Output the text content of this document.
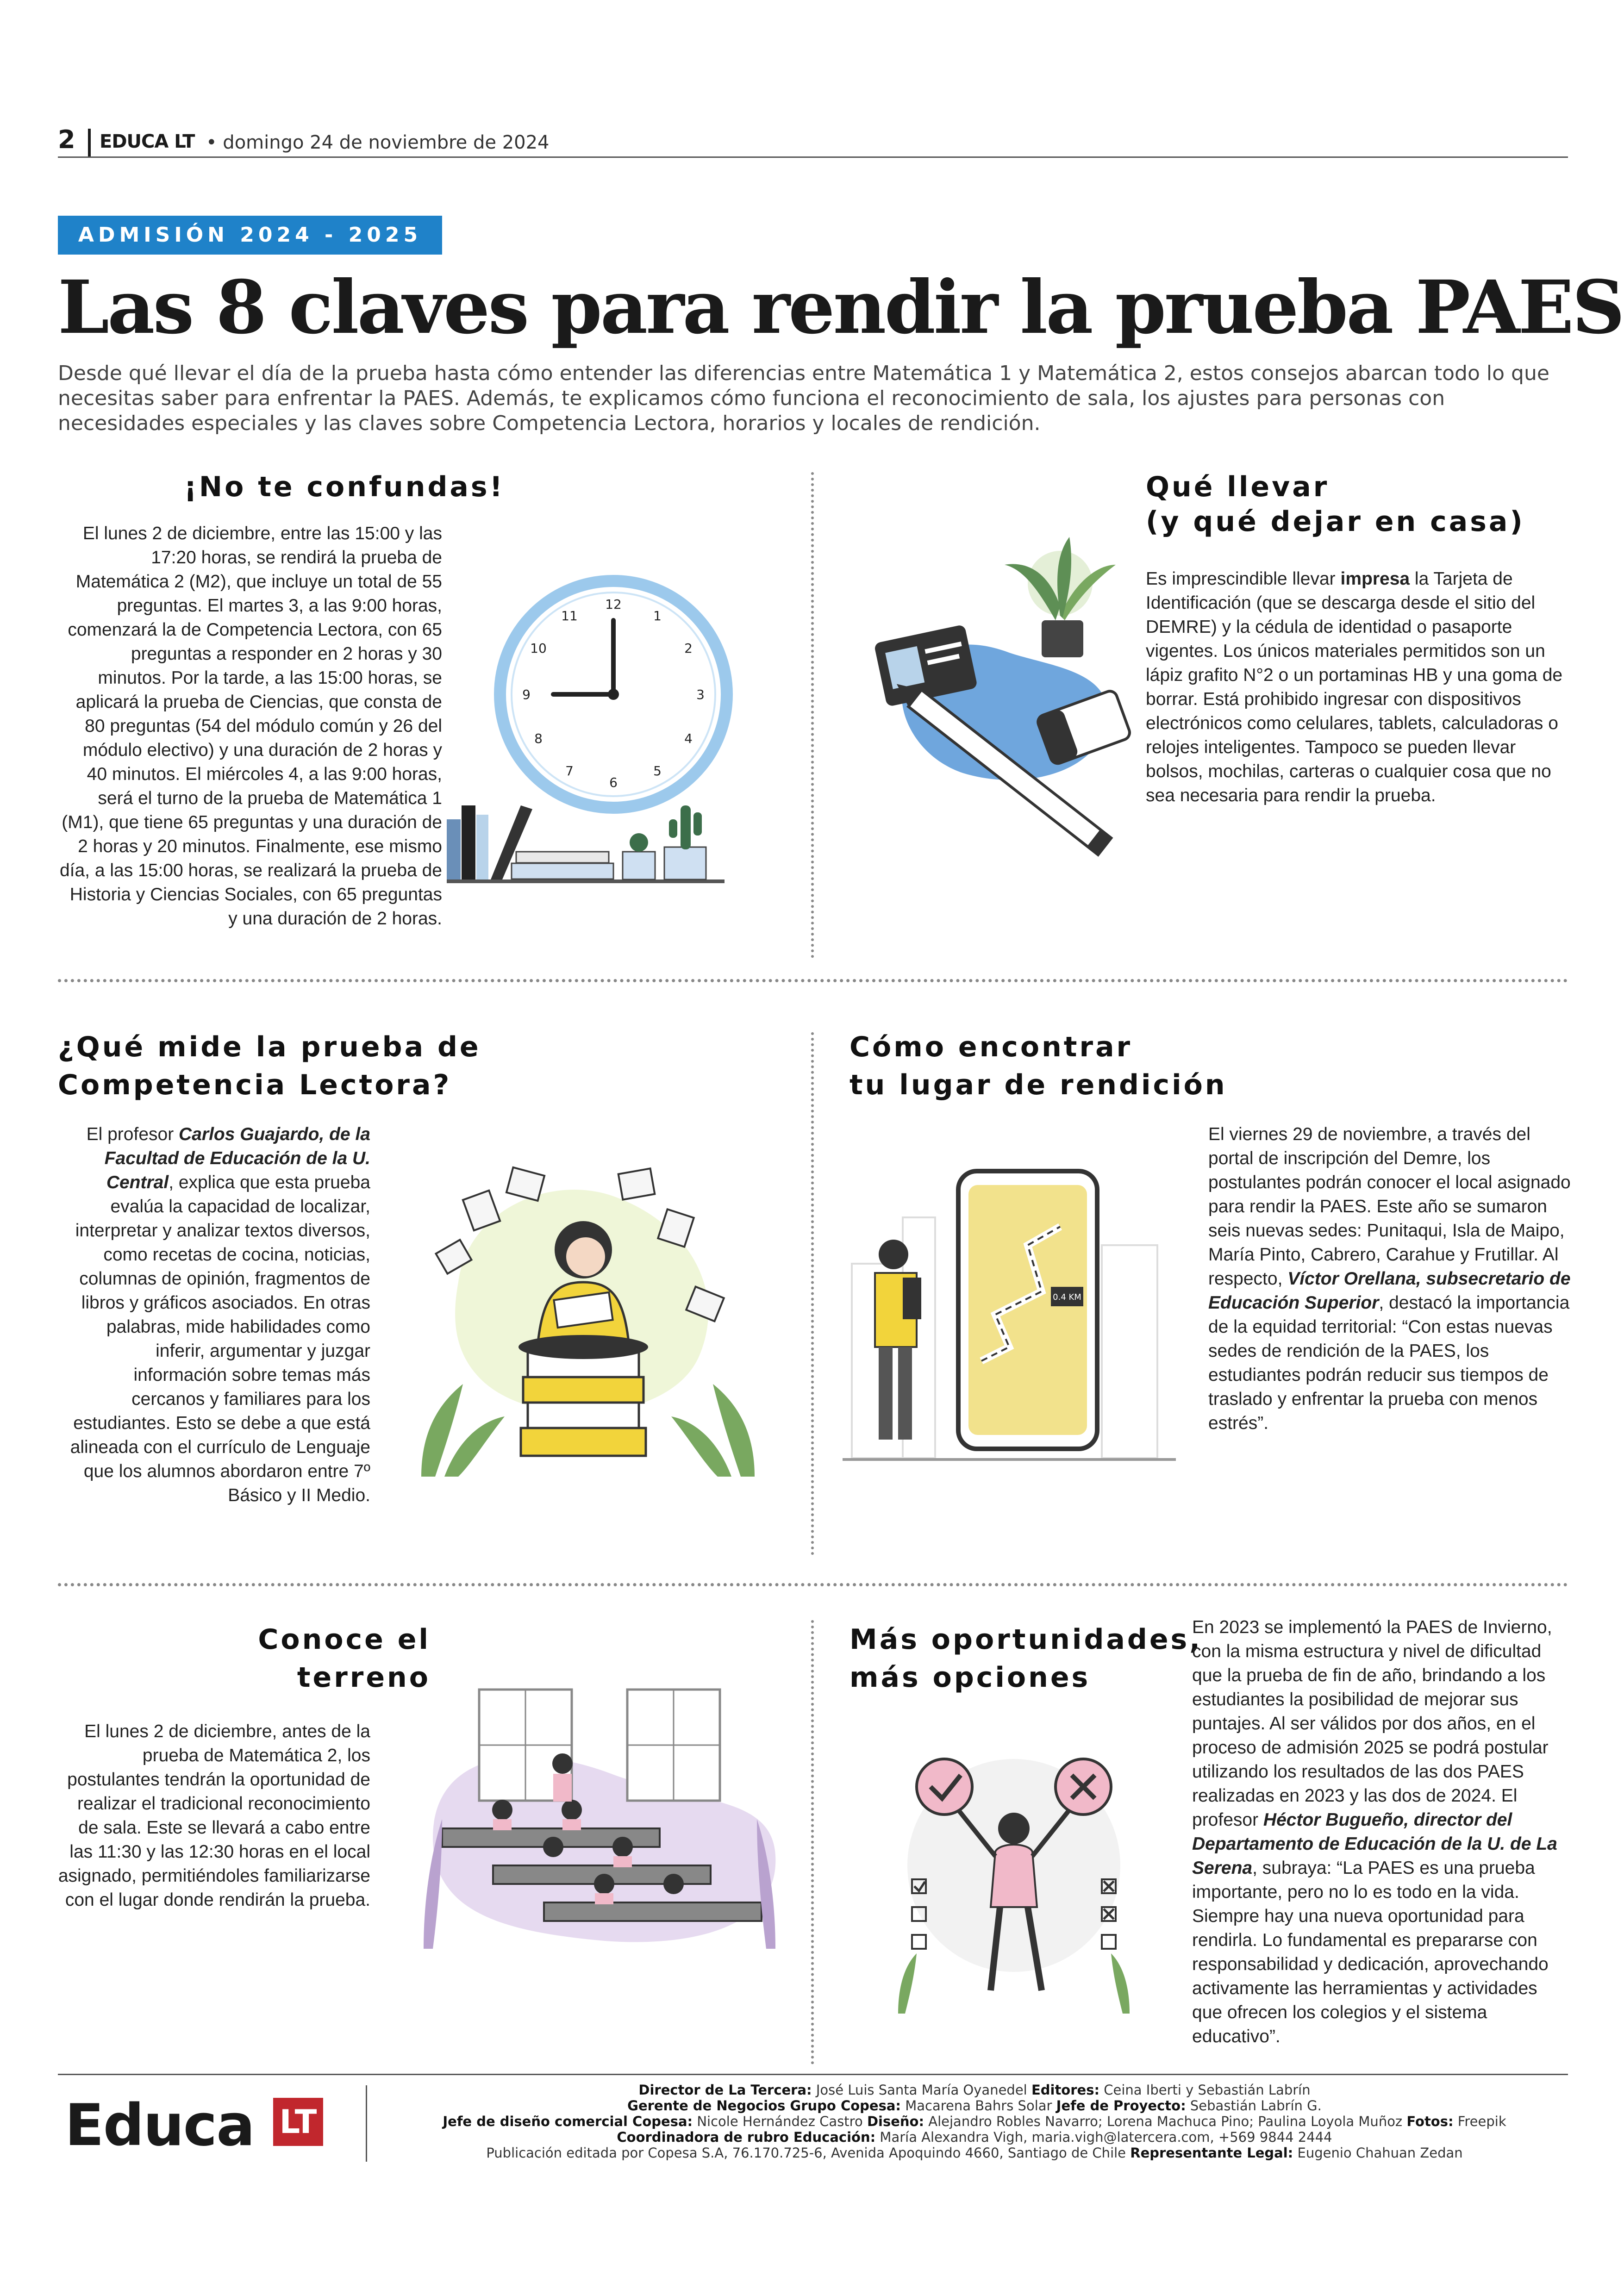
2 EDUCA LT • domingo 24 de noviembre de 2024
ADMISIÓN 2024 - 2025
Las 8 claves para rendir la prueba PAES
Desde qué llevar el día de la prueba hasta cómo entender las diferencias entre Matemática 1 y Matemática 2, estos consejos abarcan todo lo que necesitas saber para enfrentar la PAES. Además, te explicamos cómo funciona el reconocimiento de sala, los ajustes para personas con necesidades especiales y las claves sobre Competencia Lectora, horarios y locales de rendición.
¡No te confundas!
El lunes 2 de diciembre, entre las 15:00 y las 17:20 horas, se rendirá la prueba de Matemática 2 (M2), que incluye un total de 55 preguntas. El martes 3, a las 9:00 horas, comenzará la de Competencia Lectora, con 65 preguntas a responder en 2 horas y 30 minutos. Por la tarde, a las 15:00 horas, se aplicará la prueba de Ciencias, que consta de 80 preguntas (54 del módulo común y 26 del módulo electivo) y una duración de 2 horas y 40 minutos. El miércoles 4, a las 9:00 horas, será el turno de la prueba de Matemática 1 (M1), que tiene 65 preguntas y una duración de 2 horas y 20 minutos. Finalmente, ese mismo día, a las 15:00 horas, se realizará la prueba de Historia y Ciencias Sociales, con 65 preguntas y una duración de 2 horas.
12
1
2
3
4
5
6
7
8
9
10
11
Qué llevar
(y qué dejar en casa)
Es imprescindible llevar impresa la Tarjeta de Identificación (que se descarga desde el sitio del DEMRE) y la cédula de identidad o pasaporte vigentes. Los únicos materiales permitidos son un lápiz grafito N°2 o un portaminas HB y una goma de borrar. Está prohibido ingresar con dispositivos electrónicos como celulares, tablets, calculadoras o relojes inteligentes. Tampoco se pueden llevar bolsos, mochilas, carteras o cualquier cosa que no sea necesaria para rendir la prueba.
¿Qué mide la prueba de
Competencia Lectora?
El profesor Carlos Guajardo, de la Facultad de Educación de la U. Central, explica que esta prueba evalúa la capacidad de localizar, interpretar y analizar textos diversos, como recetas de cocina, noticias, columnas de opinión, fragmentos de libros y gráficos asociados. En otras palabras, mide habilidades como inferir, argumentar y juzgar información sobre temas más cercanos y familiares para los estudiantes. Esto se debe a que está alineada con el currículo de Lenguaje que los alumnos abordaron entre 7º Básico y II Medio.
Cómo encontrar
tu lugar de rendición
0.4 KM
El viernes 29 de noviembre, a través del portal de inscripción del Demre, los postulantes podrán conocer el local asignado para rendir la PAES. Este año se sumaron seis nuevas sedes: Punitaqui, Isla de Maipo, María Pinto, Cabrero, Carahue y Frutillar. Al respecto, Víctor Orellana, subsecretario de Educación Superior, destacó la importancia de la equidad territorial: “Con estas nuevas sedes de rendición de la PAES, los estudiantes podrán reducir sus tiempos de traslado y enfrentar la prueba con menos estrés”.
Conoce el
terreno
El lunes 2 de diciembre, antes de la prueba de Matemática 2, los postulantes tendrán la oportunidad de realizar el tradicional reconocimiento de sala. Este se llevará a cabo entre las 11:30 y las 12:30 horas en el local asignado, permitiéndoles familiarizarse con el lugar donde rendirán la prueba.
Más oportunidades,
más opciones
En 2023 se implementó la PAES de Invierno, con la misma estructura y nivel de dificultad que la prueba de fin de año, brindando a los estudiantes la posibilidad de mejorar sus puntajes. Al ser válidos por dos años, en el proceso de admisión 2025 se podrá postular utilizando los resultados de las dos PAES realizadas en 2023 y las dos de 2024. El profesor Héctor Bugueño, director del Departamento de Educación de la U. de La Serena, subraya: “La PAES es una prueba importante, pero no lo es todo en la vida. Siempre hay una nueva oportunidad para rendirla. Lo fundamental es prepararse con responsabilidad y dedicación, aprovechando activamente las herramientas y actividades que ofrecen los colegios y el sistema educativo”.
Educa LT
Director de La Tercera: José Luis Santa María Oyanedel Editores: Ceina Iberti y Sebastián Labrín
Gerente de Negocios Grupo Copesa: Macarena Bahrs Solar Jefe de Proyecto: Sebastián Labrín G.
Jefe de diseño comercial Copesa: Nicole Hernández Castro Diseño: Alejandro Robles Navarro; Lorena Machuca Pino; Paulina Loyola Muñoz Fotos: Freepik
Coordinadora de rubro Educación: María Alexandra Vigh, maria.vigh@latercera.com, +569 9844 2444
Publicación editada por Copesa S.A, 76.170.725-6, Avenida Apoquindo 4660, Santiago de Chile Representante Legal: Eugenio Chahuan Zedan
